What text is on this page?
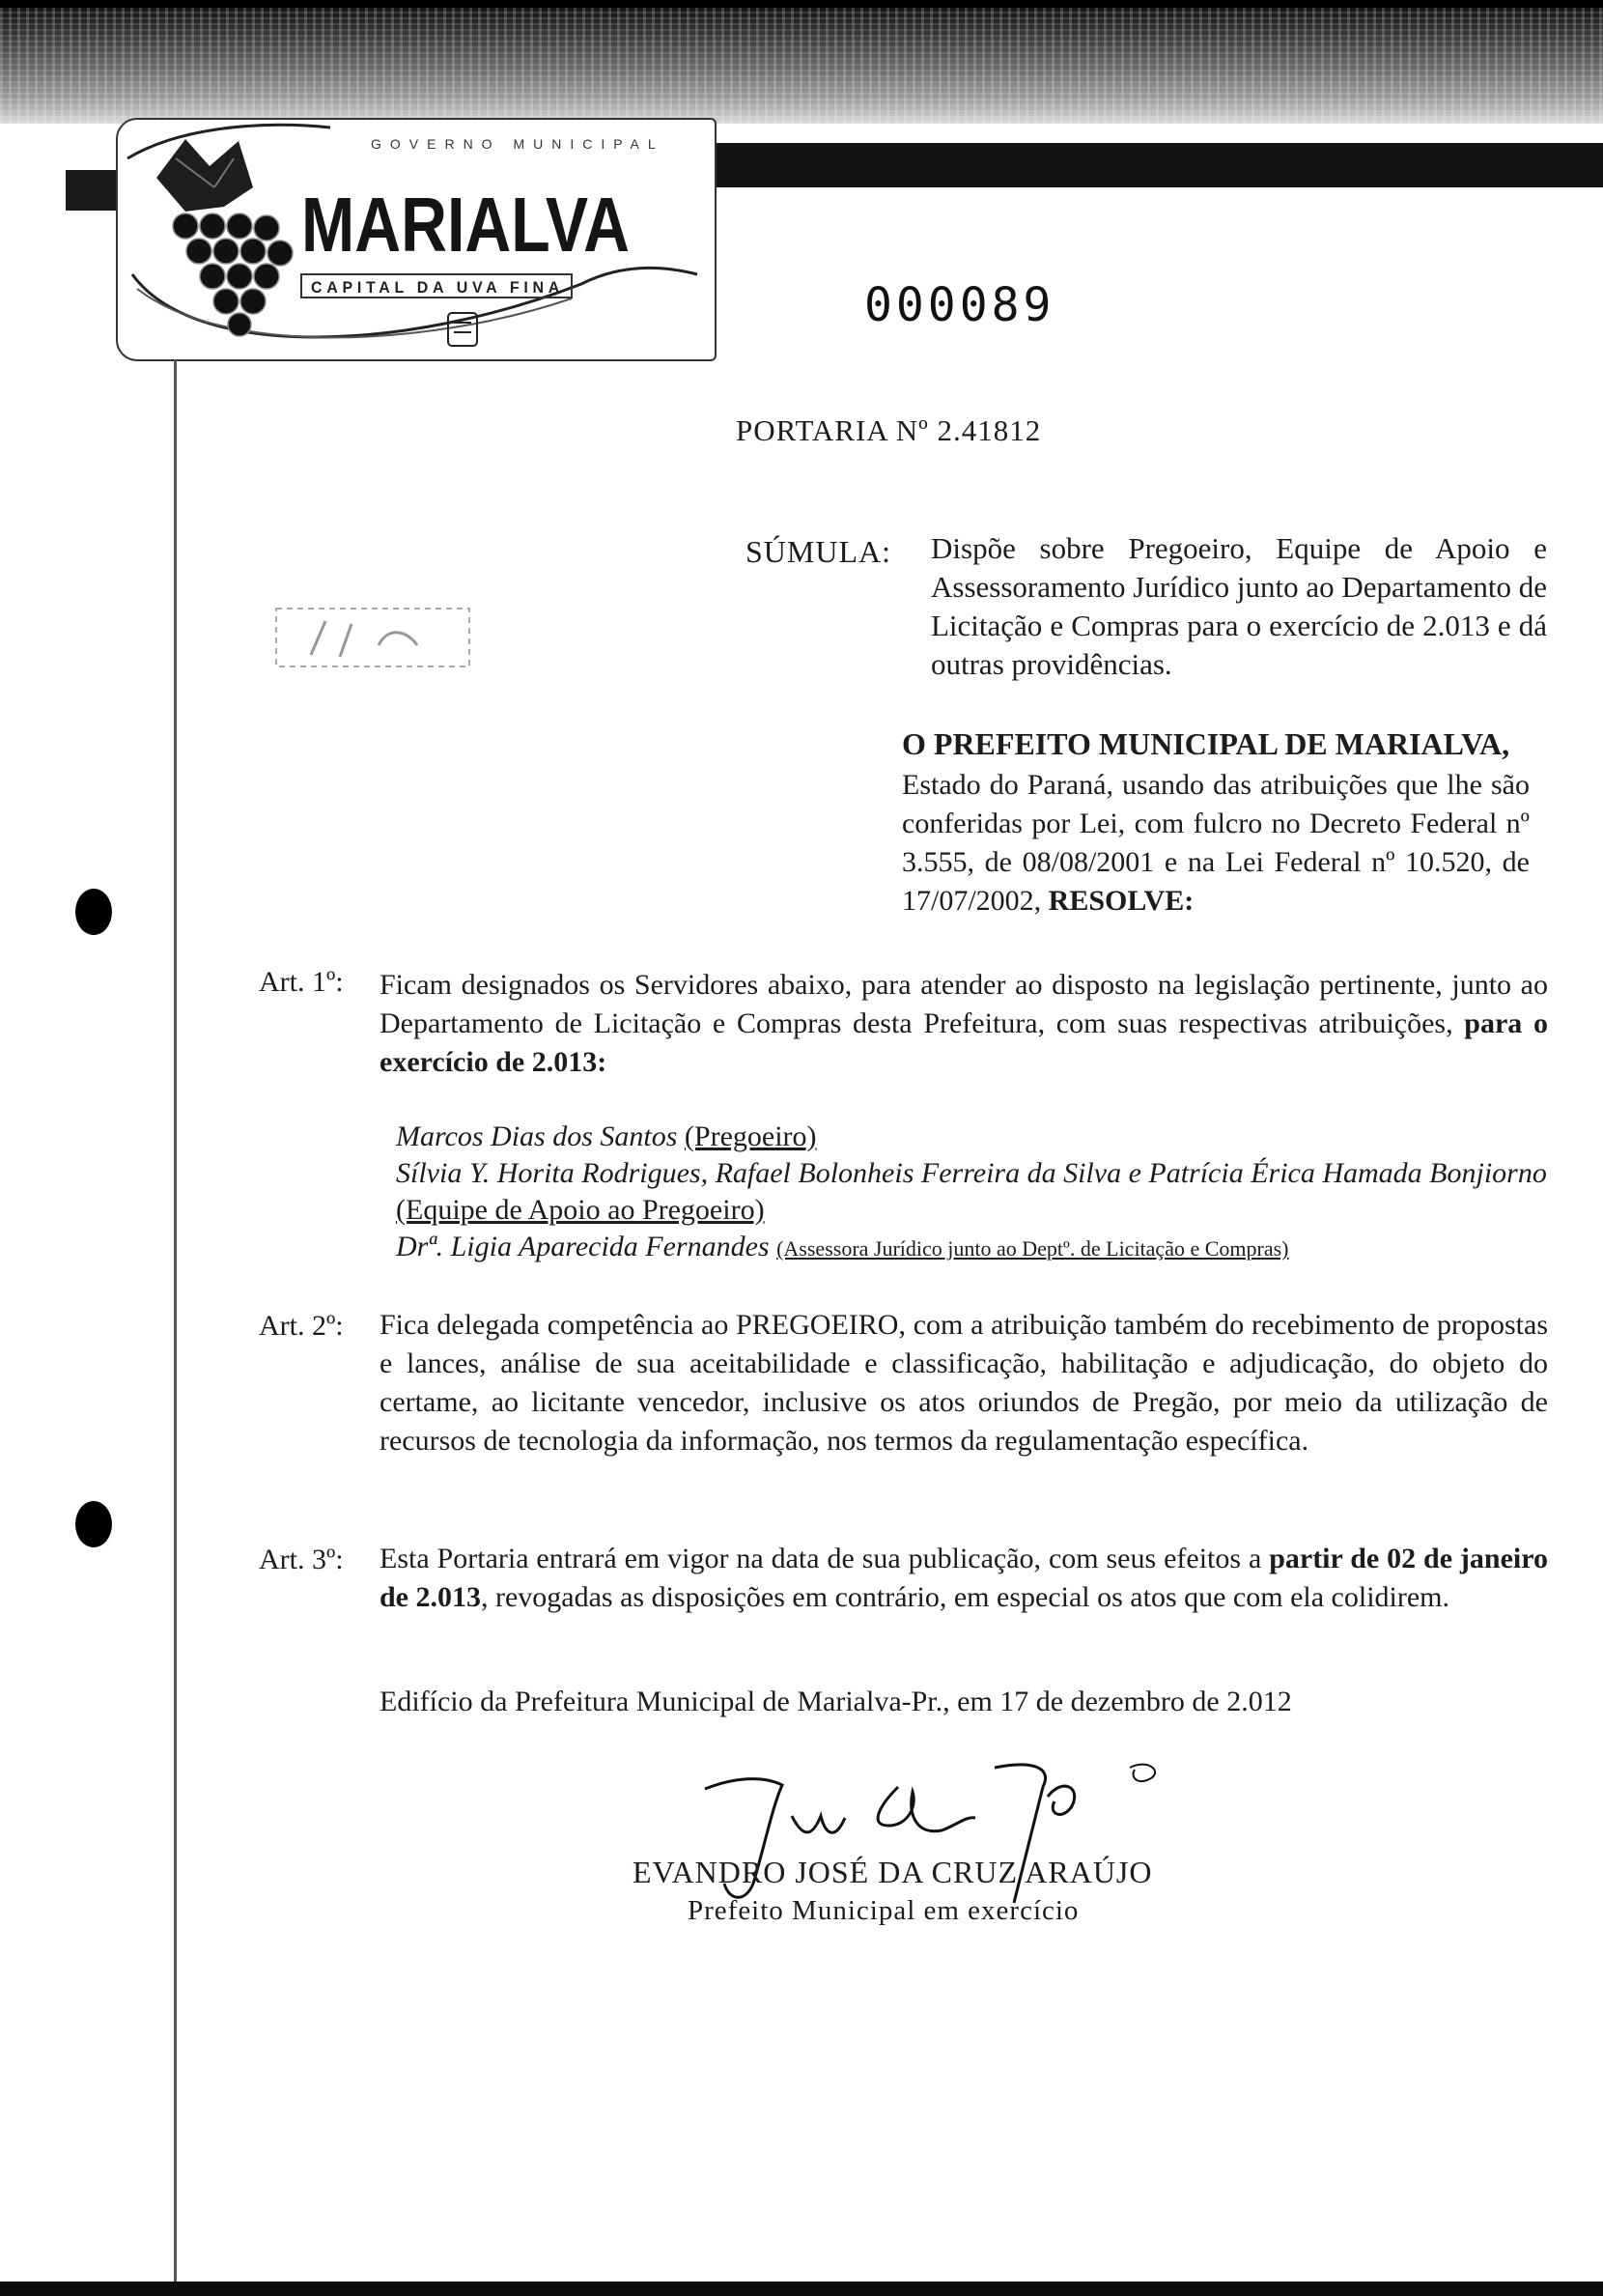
GOVERNO MUNICIPAL
MARIALVA
CAPITAL DA UVA FINA	000089
PORTARIA Nº 2.41812
SÚMULA: Dispõe sobre Pregoeiro, Equipe de Apoio e Assessoramento Jurídico junto ao Departamento de Licitação e Compras para o exercício de 2.013 e dá outras providências.
O PREFEITO MUNICIPAL DE MARIALVA,
Estado do Paraná, usando das atribuições que lhe são conferidas por Lei, com fulcro no Decreto Federal nº 3.555, de 08/08/2001 e na Lei Federal nº 10.520, de 17/07/2002, RESOLVE:
Art. 1º: Ficam designados os Servidores abaixo, para atender ao disposto na legislação pertinente, junto ao Departamento de Licitação e Compras desta Prefeitura, com suas respectivas atribuições, para o exercício de 2.013:
Marcos Dias dos Santos (Pregoeiro)
Sílvia Y. Horita Rodrigues, Rafael Bolonheis Ferreira da Silva e Patrícia Érica Hamada Bonjiorno (Equipe de Apoio ao Pregoeiro)
Drª. Ligia Aparecida Fernandes (Assessora Jurídico junto ao Deptº. de Licitação e Compras)
Art. 2º: Fica delegada competência ao PREGOEIRO, com a atribuição também do recebimento de propostas e lances, análise de sua aceitabilidade e classificação, habilitação e adjudicação, do objeto do certame, ao licitante vencedor, inclusive os atos oriundos de Pregão, por meio da utilização de recursos de tecnologia da informação, nos termos da regulamentação específica.
Art. 3º: Esta Portaria entrará em vigor na data de sua publicação, com seus efeitos a partir de 02 de janeiro de 2.013, revogadas as disposições em contrário, em especial os atos que com ela colidirem.
Edifício da Prefeitura Municipal de Marialva-Pr., em 17 de dezembro de 2.012
EVANDRO JOSÉ DA CRUZ ARAÚJO
Prefeito Municipal em exercício
